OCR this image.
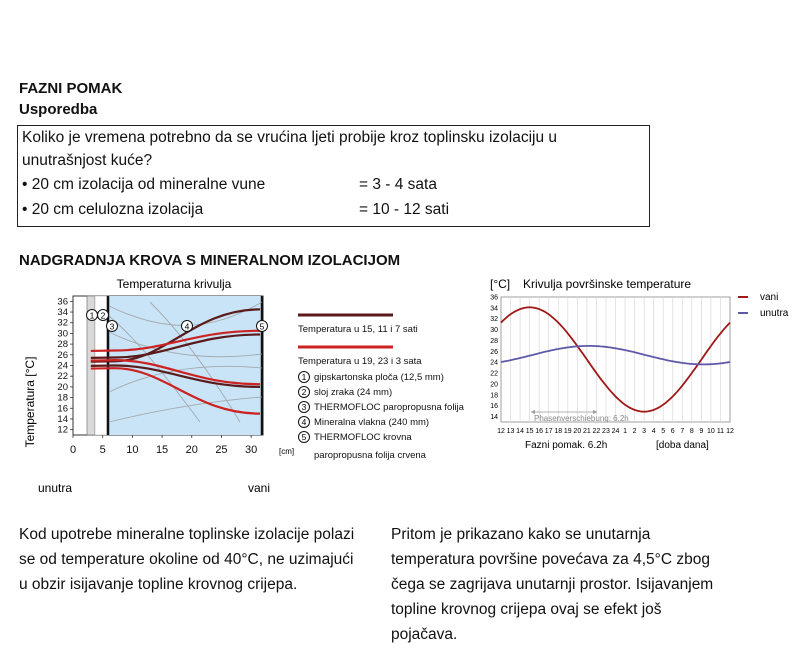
FAZNI POMAK
Usporedba
Koliko je vremena potrebno da se vrućina ljeti probije kroz toplinsku izolaciju u
unutrašnjost kuće?
• 20 cm izolacija od mineralne vune	= 3 - 4 sata
• 20 cm celulozna izolacija	= 10 - 12 sati
NADGRADNJA KROVA S MINERALNOM IZOLACIJOM
Temperaturna krivulja
Temperatura [°C] 12
14
16
18
20
22
24
26
28
30
32
34
36
0 5 10 15 20 25 30	[cm]
unutra	vani
1 2
3	4	5	Temperatura u 15, 11 i 7 sati
Temperatura u 19, 23 i 3 sata
1 gipskartonska ploča (12,5 mm)
2 sloj zraka (24 mm)
3 THERMOFLOC paropropusna folija
4 Mineralna vlakna (240 mm)
5 THERMOFLOC krovna
paropropusna folija crvena
[°C] Krivulja površinske temperature
14
16
18
20
22
24
26
28
30
32
34
36
12 13 14 15 16 17 18 19 20 21 22 23 24 1 2 3 4 5 6 7 8 9 10 11 12
Phasenverschiebung: 6.2h
Fazni pomak. 6.2h	[doba dana]
vani
unutra
Kod upotrebe mineralne toplinske izolacije polazi
se od temperature okoline od 40°C, ne uzimajući
u obzir isijavanje topline krovnog crijepa.
Pritom je prikazano kako se unutarnja
temperatura površine povećava za 4,5°C zbog
čega se zagrijava unutarnji prostor. Isijavanjem
topline krovnog crijepa ovaj se efekt još
pojačava.
